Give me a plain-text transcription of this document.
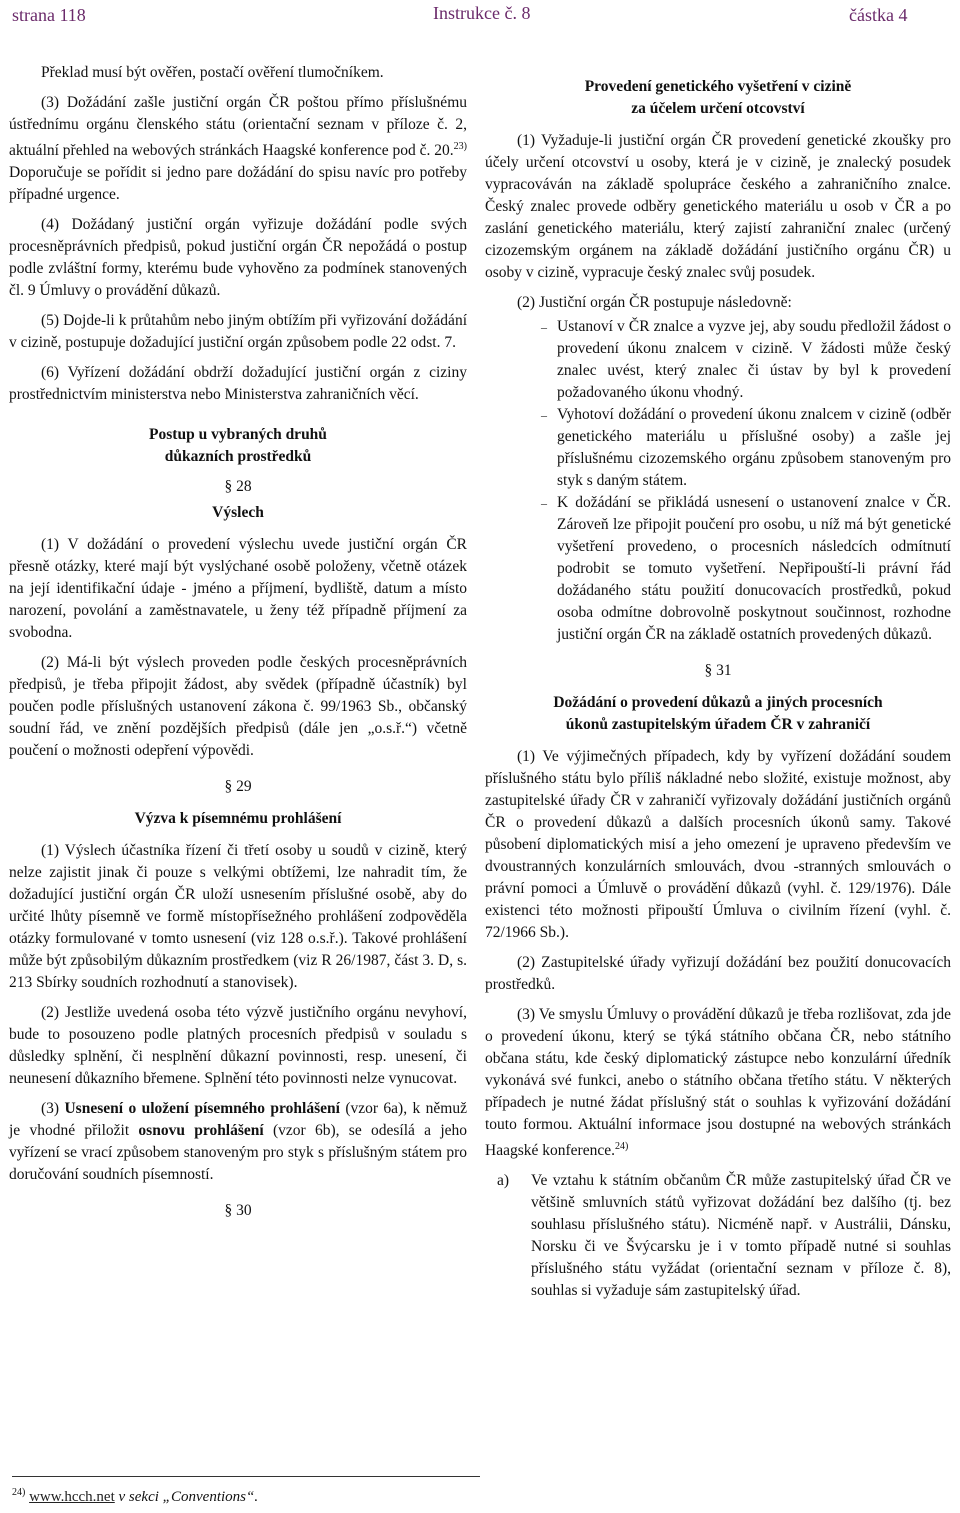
strana 118	Instrukce č. 8	částka 4

Překlad musí být ověřen, postačí ověření tlumočníkem.

(3) Dožádání zašle justiční orgán ČR poštou přímo příslušnému ústřednímu orgánu členského státu (orientační seznam v příloze č. 2, aktuální přehled na webových stránkách Haagské konference pod č. 20.$^{23)}$ Doporučuje se pořídit si jedno pare dožádání do spisu navíc pro potřeby případné urgence.

(4) Dožádaný justiční orgán vyřizuje dožádání podle svých procesněprávních předpisů, pokud justiční orgán ČR nepožádá o postup podle zvláštní formy, kterému bude vyhověno za podmínek stanovených čl. 9 Úmluvy o provádění důkazů.

(5) Dojde-li k průtahům nebo jiným obtížím při vyřizování dožádání v cizině, postupuje dožadující justiční orgán způsobem podle 22 odst. 7.

(6) Vyřízení dožádání obdrží dožadující justiční orgán z ciziny prostřednictvím ministerstva nebo Ministerstva zahraničních věcí.

Postup u vybraných druhů

důkazních prostředků

§ 28

Výslech

(1) V dožádání o provedení výslechu uvede justiční orgán ČR přesně otázky, které mají být vyslýchané osobě položeny, včetně otázek na její identifikační údaje - jméno a příjmení, bydliště, datum a místo narození, povolání a zaměstnavatele, u ženy též případně příjmení za svobodna.

(2) Má-li být výslech proveden podle českých procesněprávních předpisů, je třeba připojit žádost, aby svědek (případně účastník) byl poučen podle příslušných ustanovení zákona č. 99/1963 Sb., občanský soudní řád, ve znění pozdějších předpisů (dále jen „o.s.ř.“) včetně poučení o možnosti odepření výpovědi.

§ 29

Výzva k písemnému prohlášení

(1) Výslech účastníka řízení či třetí osoby u soudů v cizině, který nelze zajistit jinak či pouze s velkými obtížemi, lze nahradit tím, že dožadující justiční orgán ČR uloží usnesením příslušné osobě, aby do určité lhůty písemně ve formě místopřísežného prohlášení zodpověděla otázky formulované v tomto usnesení (viz 128 o.s.ř.). Takové prohlášení může být způsobilým důkazním prostředkem (viz R 26/1987, část 3. D, s. 213 Sbírky soudních rozhodnutí a stanovisek).

(2) Jestliže uvedená osoba této výzvě justičního orgánu nevyhoví, bude to posouzeno podle platných procesních předpisů v souladu s důsledky splnění, či nesplnění důkazní povinnosti, resp. unesení, či neunesení důkazního břemene. Splnění této povinnosti nelze vynucovat.

(3) Usnesení o uložení písemného prohlášení (vzor 6a), k němuž je vhodné přiložit osnovu prohlášení (vzor 6b), se odesílá a jeho vyřízení se vrací způsobem stanoveným pro styk s příslušným státem pro doručování soudních písemností.

§ 30

Provedení genetického vyšetření v cizině

za účelem určení otcovství

(1) Vyžaduje-li justiční orgán ČR provedení genetické zkoušky pro účely určení otcovství u osoby, která je v cizině, je znalecký posudek vypracováván na základě spolupráce českého a zahraničního znalce. Český znalec provede odběry genetického materiálu u osob v ČR a po zaslání genetického materiálu, který zajistí zahraniční znalec (určený cizozemským orgánem na základě dožádání justičního orgánu ČR) u osoby v cizině, vypracuje český znalec svůj posudek.

(2) Justiční orgán ČR postupuje následovně:

– Ustanoví v ČR znalce a vyzve jej, aby soudu předložil žádost o provedení úkonu znalcem v cizině. V žádosti může český znalec uvést, který znalec či ústav by byl k provedení požadovaného úkonu vhodný.
– Vyhotoví dožádání o provedení úkonu znalcem v cizině (odběr genetického materiálu u příslušné osoby) a zašle jej příslušnému cizozemského orgánu způsobem stanoveným pro styk s daným státem.
– K dožádání se přikládá usnesení o ustanovení znalce v ČR. Zároveň lze připojit poučení pro osobu, u níž má být genetické vyšetření provedeno, o procesních následcích odmítnutí podrobit se tomuto vyšetření. Nepřipouští-li právní řád dožádaného státu použití donucovacích prostředků, pokud osoba odmítne dobrovolně poskytnout součinnost, rozhodne justiční orgán ČR na základě ostatních provedených důkazů.

§ 31

Dožádání o provedení důkazů a jiných procesních

úkonů zastupitelským úřadem ČR v zahraničí

(1) Ve výjimečných případech, kdy by vyřízení dožádání soudem příslušného státu bylo příliš nákladné nebo složité, existuje možnost, aby zastupitelské úřady ČR v zahraničí vyřizovaly dožádání justičních orgánů ČR o provedení důkazů a dalších procesních úkonů samy. Takové působení diplomatických misí a jeho omezení je upraveno především ve dvoustranných konzulárních smlouvách, dvou -stranných smlouvách o právní pomoci a Úmluvě o provádění důkazů (vyhl. č. 129/1976). Dále existenci této možnosti připouští Úmluva o civilním řízení (vyhl. č. 72/1966 Sb.).

(2) Zastupitelské úřady vyřizují dožádání bez použití donucovacích prostředků.

(3) Ve smyslu Úmluvy o provádění důkazů je třeba rozlišovat, zda jde o provedení úkonu, který se týká státního občana ČR, nebo státního občana státu, kde český diplomatický zástupce nebo konzulární úředník vykonává své funkci, anebo o státního občana třetího státu. V některých případech je nutné žádat příslušný stát o souhlas k vyřizování dožádání touto formou. Aktuální informace jsou dostupné na webových stránkách Haagské konference.$^{24)}$

a) Ve vztahu k státním občanům ČR může zastupitelský úřad ČR ve většině smluvních států vyřizovat dožádání bez dalšího (tj. bez souhlasu příslušného státu). Nicméně např. v Austrálii, Dánsku, Norsku či ve Švýcarsku je i v tomto případě nutné si souhlas příslušného státu vyžádat (orientační seznam v příloze č. 8), souhlas si vyžaduje sám zastupitelský úřad.
$^{24)}$ www.hcch.net v sekci „Conventions“.
